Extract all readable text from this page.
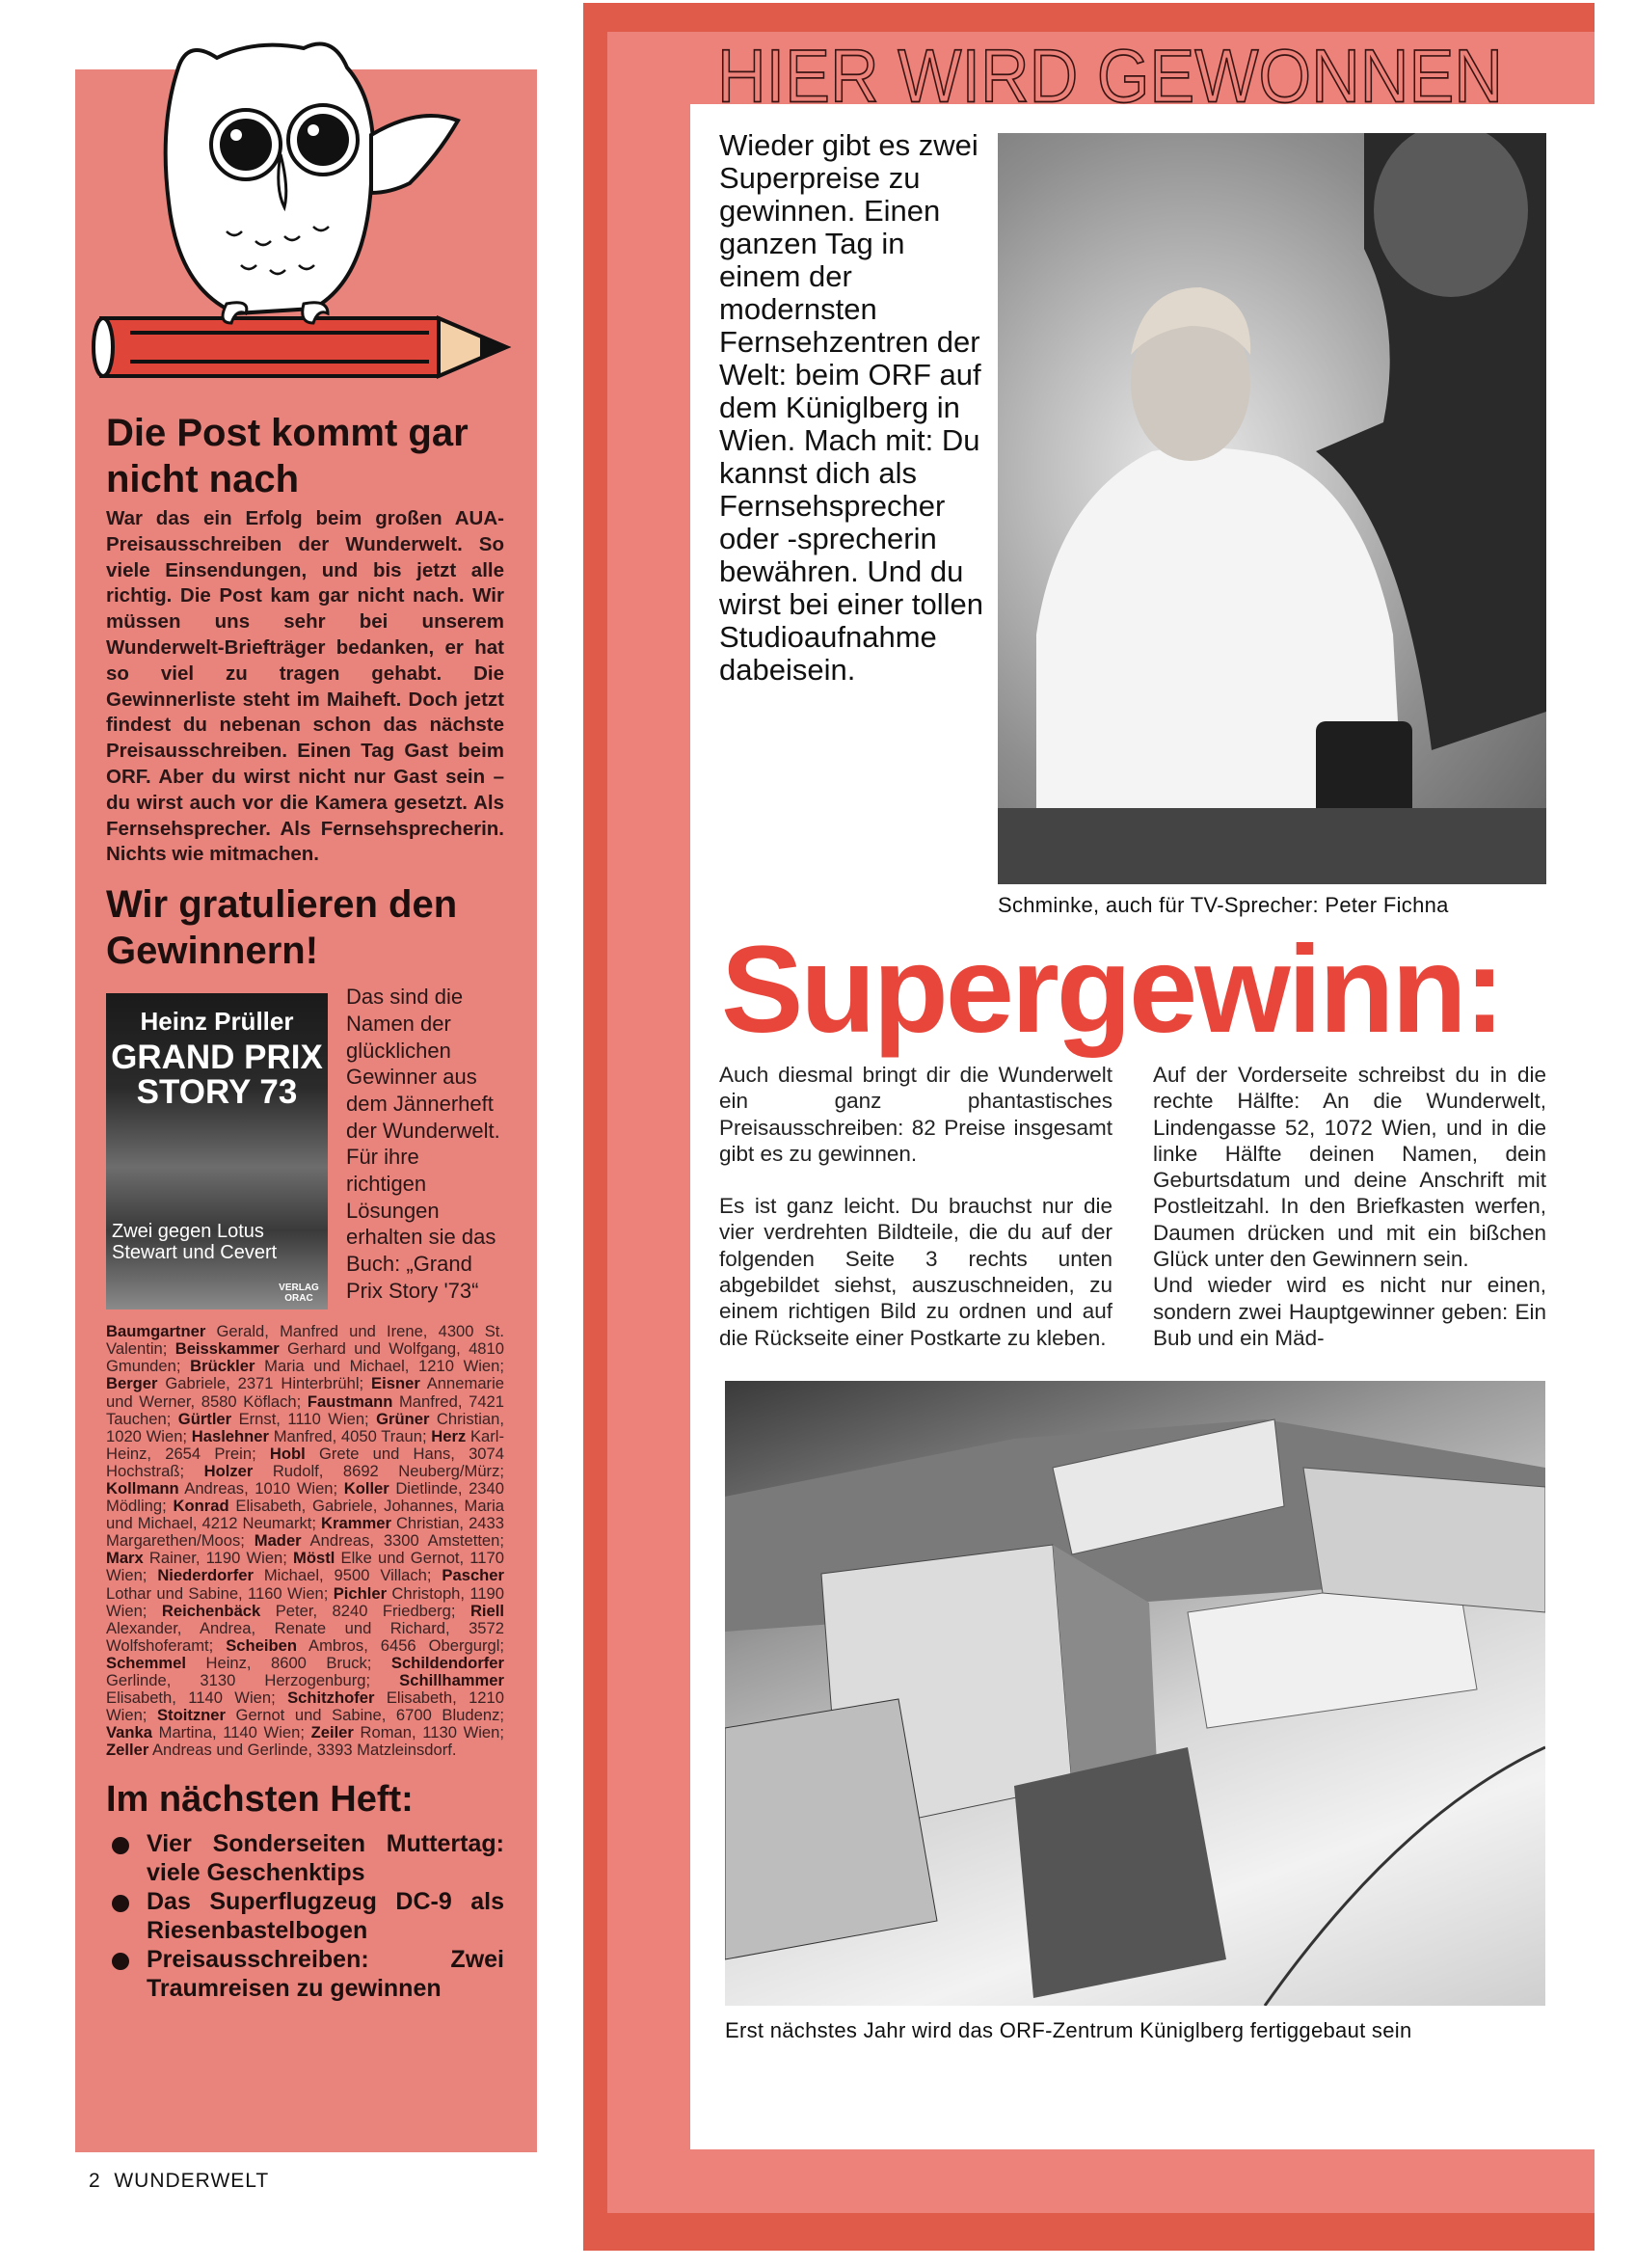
Die Post kommt gar nicht nach
War das ein Erfolg beim großen AUA-Preisausschreiben der Wunderwelt. So viele Einsendungen, und bis jetzt alle richtig. Die Post kam gar nicht nach. Wir müssen uns sehr bei unserem Wunderwelt-Briefträger bedanken, er hat so viel zu tragen gehabt. Die Gewinnerliste steht im Maiheft. Doch jetzt findest du nebenan schon das nächste Preisausschreiben. Einen Tag Gast beim ORF. Aber du wirst nicht nur Gast sein – du wirst auch vor die Kamera gesetzt. Als Fernsehsprecher. Als Fernsehsprecherin. Nichts wie mitmachen.
Wir gratulieren den Gewinnern!
Heinz Prüller
GRAND PRIX STORY 73
Zwei gegen Lotus Stewart und Cevert
VERLAG ORAC
Das sind die Namen der glücklichen Gewinner aus dem Jännerheft der Wunderwelt. Für ihre richtigen Lösungen erhalten sie das Buch: „Grand Prix Story '73“
Baumgartner Gerald, Manfred und Irene, 4300 St. Valentin; Beisskammer Gerhard und Wolfgang, 4810 Gmunden; Brückler Maria und Michael, 1210 Wien; Berger Gabriele, 2371 Hinterbrühl; Eisner Annemarie und Werner, 8580 Köflach; Faustmann Manfred, 7421 Tauchen; Gürtler Ernst, 1110 Wien; Grüner Christian, 1020 Wien; Haslehner Manfred, 4050 Traun; Herz Karl-Heinz, 2654 Prein; Hobl Grete und Hans, 3074 Hochstraß; Holzer Rudolf, 8692 Neuberg/Mürz; Kollmann Andreas, 1010 Wien; Koller Dietlinde, 2340 Mödling; Konrad Elisabeth, Gabriele, Johannes, Maria und Michael, 4212 Neumarkt; Krammer Christian, 2433 Margarethen/Moos; Mader Andreas, 3300 Amstetten; Marx Rainer, 1190 Wien; Möstl Elke und Gernot, 1170 Wien; Niederdorfer Michael, 9500 Villach; Pascher Lothar und Sabine, 1160 Wien; Pichler Christoph, 1190 Wien; Reichenbäck Peter, 8240 Friedberg; Riell Alexander, Andrea, Renate und Richard, 3572 Wolfshoferamt; Scheiben Ambros, 6456 Obergurgl; Schemmel Heinz, 8600 Bruck; Schildendorfer Gerlinde, 3130 Herzogenburg; Schillhammer Elisabeth, 1140 Wien; Schitzhofer Elisabeth, 1210 Wien; Stoitzner Gernot und Sabine, 6700 Bludenz; Vanka Martina, 1140 Wien; Zeiler Roman, 1130 Wien; Zeller Andreas und Gerlinde, 3393 Matzleinsdorf.
Im nächsten Heft:
Vier Sonderseiten Muttertag: viele Geschenktips
Das Superflugzeug DC-9 als Riesenbastelbogen
Preisausschreiben: Zwei Traumreisen zu gewinnen
2  WUNDERWELT
HIER WIRD GEWONNEN
Wieder gibt es zwei Superpreise zu gewinnen. Einen ganzen Tag in einem der modernsten Fernsehzentren der Welt: beim ORF auf dem Küniglberg in Wien. Mach mit: Du kannst dich als Fernsehsprecher oder -sprecherin bewähren. Und du wirst bei einer tollen Studioaufnahme dabeisein.
Schminke, auch für TV-Sprecher: Peter Fichna
Supergewinn:

Auch diesmal bringt dir die Wunderwelt ein ganz phantastisches Preisausschreiben: 82 Preise insgesamt gibt es zu gewinnen.

Es ist ganz leicht. Du brauchst nur die vier verdrehten Bildteile, die du auf der folgenden Seite 3 rechts unten abgebildet siehst, auszuschneiden, zu einem richtigen Bild zu ordnen und auf die Rückseite einer Postkarte zu kleben.

Auf der Vorderseite schreibst du in die rechte Hälfte: An die Wunderwelt, Lindengasse 52, 1072 Wien, und in die linke Hälfte deinen Namen, dein Geburtsdatum und deine Anschrift mit Postleitzahl. In den Briefkasten werfen, Daumen drücken und mit ein bißchen Glück unter den Gewinnern sein.

Und wieder wird es nicht nur einen, sondern zwei Hauptgewinner geben: Ein Bub und ein Mäd-

Erst nächstes Jahr wird das ORF-Zentrum Küniglberg fertiggebaut sein
